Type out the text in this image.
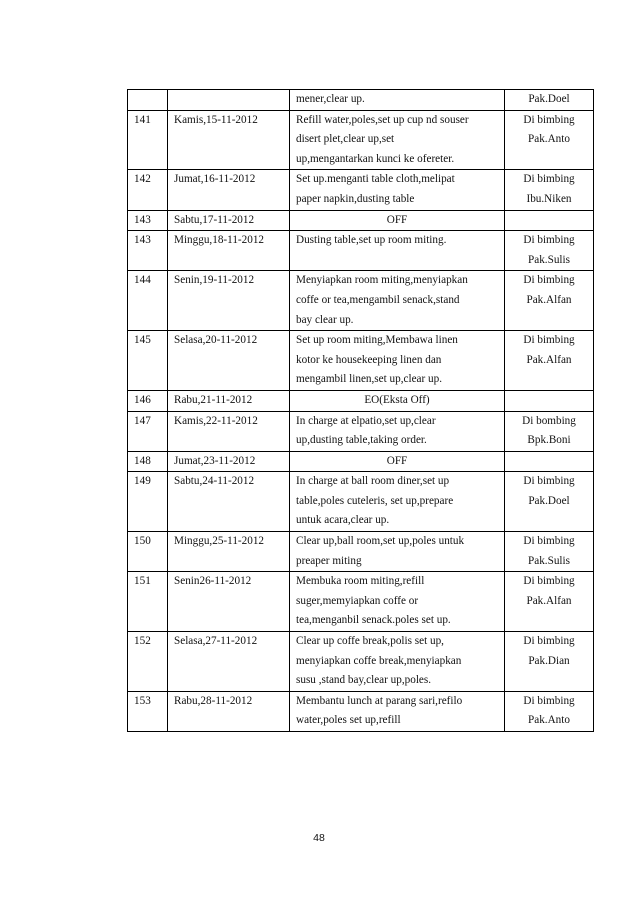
		mener,clear up.	Pak.Doel

141	Kamis,15-11-2012	Refill water,poles,set up cup nd souser
disert plet,clear up,set
up,mengantarkan kunci ke ofereter.	Di bimbing
Pak.Anto

142	Jumat,16-11-2012	Set up.menganti table cloth,melipat
paper napkin,dusting table	Di bimbing
Ibu.Niken

143	Sabtu,17-11-2012	OFF	

143	Minggu,18-11-2012	Dusting table,set up room miting.	Di bimbing
Pak.Sulis

144	Senin,19-11-2012	Menyiapkan room miting,menyiapkan
coffe or tea,mengambil senack,stand
bay clear up.	Di bimbing
Pak.Alfan

145	Selasa,20-11-2012	Set up room miting,Membawa linen
kotor ke housekeeping linen dan
mengambil linen,set up,clear up.	Di bimbing
Pak.Alfan

146	Rabu,21-11-2012	EO(Eksta Off)	

147	Kamis,22-11-2012	In charge at elpatio,set up,clear
up,dusting table,taking order.	Di bombing
Bpk.Boni

148	Jumat,23-11-2012	OFF	

149	Sabtu,24-11-2012	In charge at ball room diner,set up
table,poles cuteleris, set up,prepare
untuk acara,clear up.	Di bimbing
Pak.Doel

150	Minggu,25-11-2012	Clear up,ball room,set up,poles untuk
preaper miting	Di bimbing
Pak.Sulis

151	Senin26-11-2012	Membuka room miting,refill
suger,memyiapkan coffe or
tea,menganbil senack.poles set up.	Di bimbing
Pak.Alfan

152	Selasa,27-11-2012	Clear up coffe break,polis set up,
menyiapkan coffe break,menyiapkan
susu ,stand bay,clear up,poles.	Di bimbing
Pak.Dian

153	Rabu,28-11-2012	Membantu lunch at parang sari,refilo
water,poles set up,refill	Di bimbing
Pak.Anto
48
